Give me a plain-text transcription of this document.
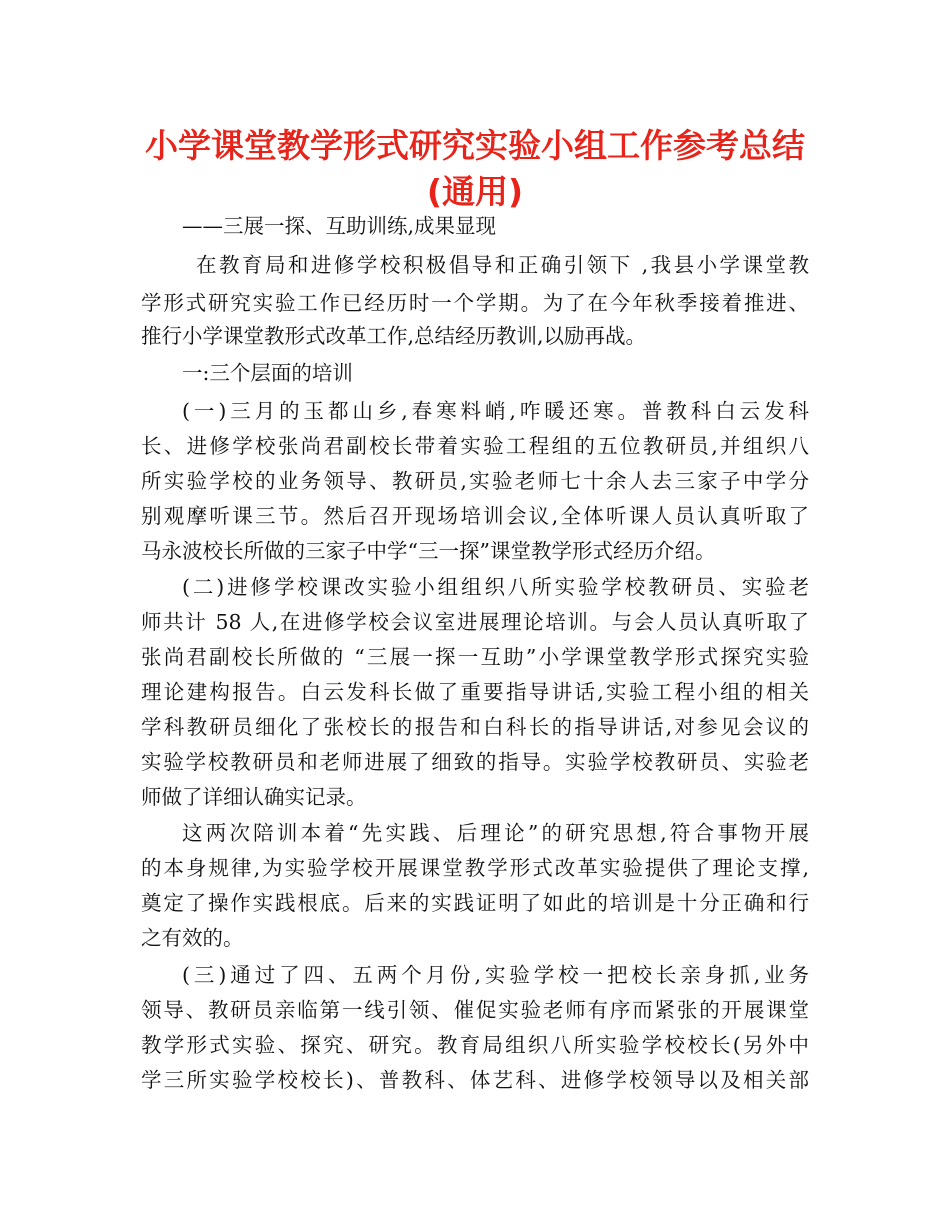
小学课堂教学形式研究实验小组工作参考总结
(通用)

——三展一探、互助训练,成果显现

在教育局和进修学校积极倡导和正确引领下 ,我县小学课堂教

学形式研究实验工作已经历时一个学期。为了在今年秋季接着推进、

推行小学课堂教形式改革工作,总结经历教训,以励再战。

一:三个层面的培训

(一)三月的玉都山乡,春寒料峭,咋暖还寒。普教科白云发科

长、进修学校张尚君副校长带着实验工程组的五位教研员,并组织八

所实验学校的业务领导、教研员,实验老师七十余人去三家子中学分

别观摩听课三节。然后召开现场培训会议,全体听课人员认真听取了

马永波校长所做的三家子中学“三一探”课堂教学形式经历介绍。

(二)进修学校课改实验小组组织八所实验学校教研员、实验老

师共计 58 人,在进修学校会议室进展理论培训。与会人员认真听取了

张尚君副校长所做的 “三展一探一互助”小学课堂教学形式探究实验

理论建构报告。白云发科长做了重要指导讲话,实验工程小组的相关

学科教研员细化了张校长的报告和白科长的指导讲话,对参见会议的

实验学校教研员和老师进展了细致的指导。实验学校教研员、实验老

师做了详细认确实记录。

这两次陪训本着“先实践、后理论”的研究思想,符合事物开展

的本身规律,为实验学校开展课堂教学形式改革实验提供了理论支撑,

奠定了操作实践根底。后来的实践证明了如此的培训是十分正确和行

之有效的。

(三)通过了四、五两个月份,实验学校一把校长亲身抓,业务

领导、教研员亲临第一线引领、催促实验老师有序而紧张的开展课堂

教学形式实验、探究、研究。教育局组织八所实验学校校长(另外中

学三所实验学校校长)、普教科、体艺科、进修学校领导以及相关部
